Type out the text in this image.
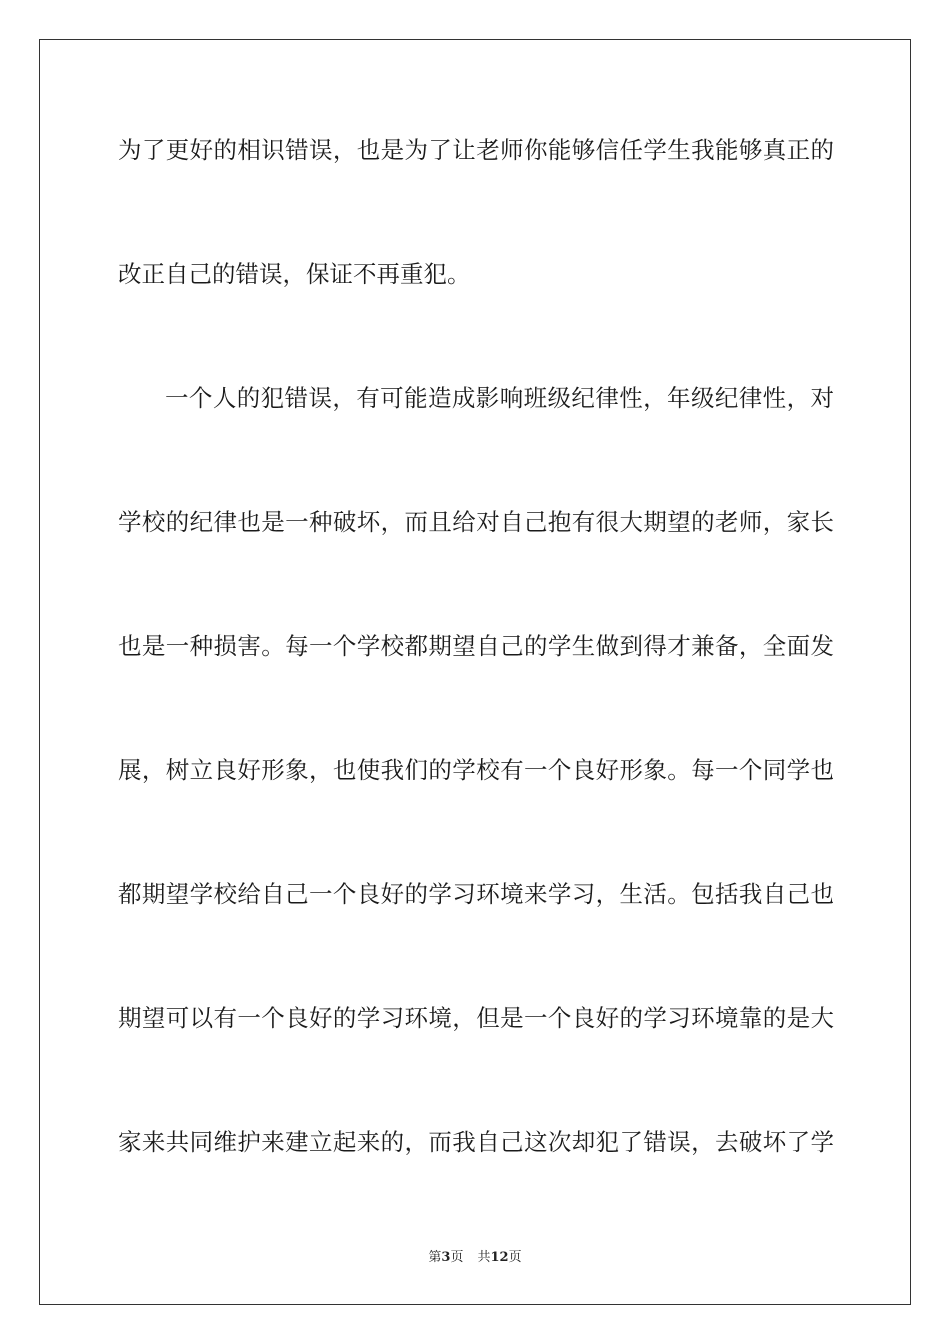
为了更好的相识错误，也是为了让老师你能够信任学生我能够真正的
改正自己的错误，保证不再重犯。
一个人的犯错误，有可能造成影响班级纪律性，年级纪律性，对
学校的纪律也是一种破坏，而且给对自己抱有很大期望的老师，家长
也是一种损害。每一个学校都期望自己的学生做到得才兼备，全面发
展，树立良好形象，也使我们的学校有一个良好形象。每一个同学也
都期望学校给自己一个良好的学习环境来学习，生活。包括我自己也
期望可以有一个良好的学习环境，但是一个良好的学习环境靠的是大
家来共同维护来建立起来的，而我自己这次却犯了错误，去破坏了学
第3页 共12页
